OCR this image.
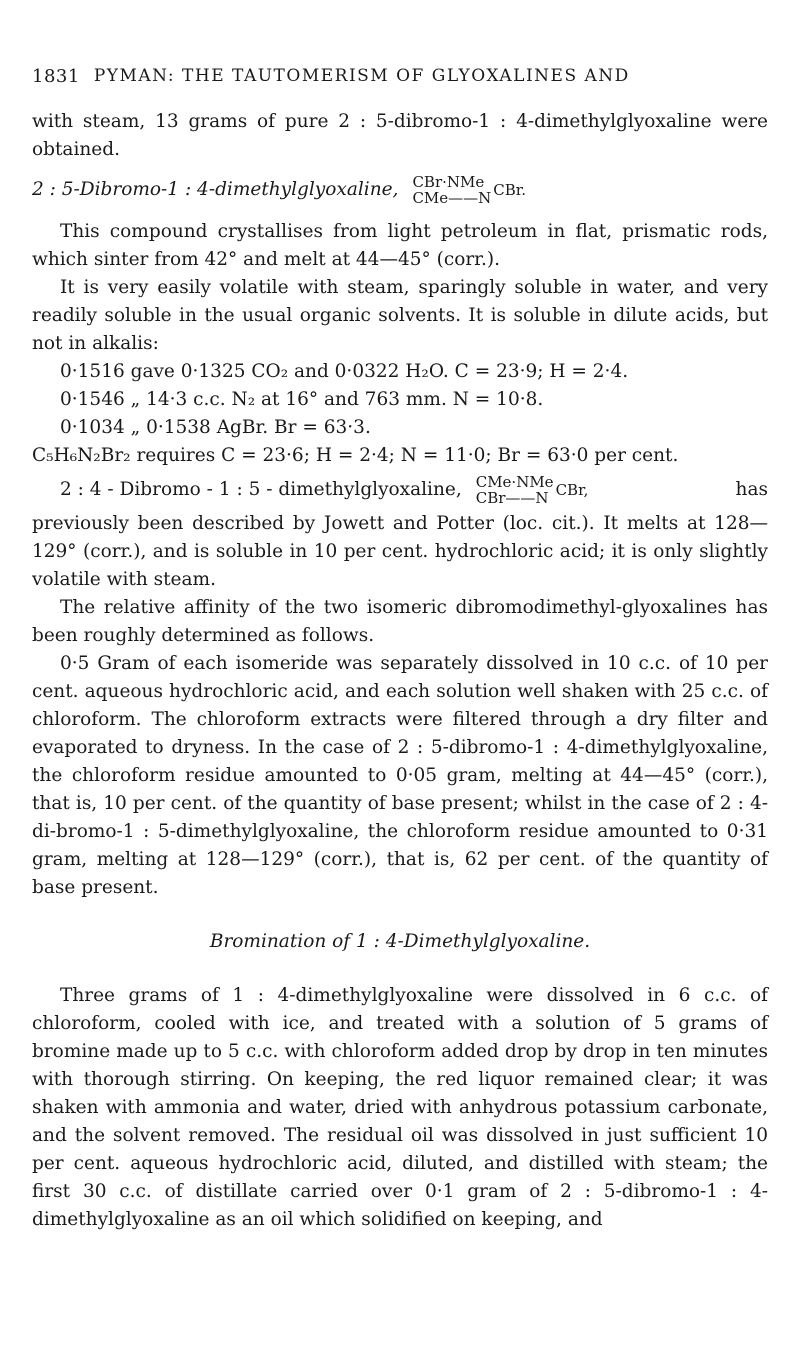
1831 PYMAN: THE TAUTOMERISM OF GLYOXALINES AND

with steam, 13 grams of pure 2 : 5-dibromo-1 : 4-dimethylglyoxaline were obtained.

2 : 5-Dibromo-1 : 4-dimethylglyoxaline, CBr·NMe
CMe——N CBr.

This compound crystallises from light petroleum in flat, prismatic rods, which sinter from 42° and melt at 44—45° (corr.).

It is very easily volatile with steam, sparingly soluble in water, and very readily soluble in the usual organic solvents. It is soluble in dilute acids, but not in alkalis:

0·1516 gave 0·1325 CO₂ and 0·0322 H₂O. C = 23·9; H = 2·4.
0·1546 „ 14·3 c.c. N₂ at 16° and 763 mm. N = 10·8.
0·1034 „ 0·1538 AgBr. Br = 63·3.
C₅H₆N₂Br₂ requires C = 23·6; H = 2·4; N = 11·0; Br = 63·0 per cent.
2 : 4 - Dibromo - 1 : 5 - dimethylglyoxaline, CMe·NMe
CBr——N CBr,	has

previously been described by Jowett and Potter (loc. cit.). It melts at 128—129° (corr.), and is soluble in 10 per cent. hydrochloric acid; it is only slightly volatile with steam.

The relative affinity of the two isomeric dibromodimethyl-glyoxalines has been roughly determined as follows.

0·5 Gram of each isomeride was separately dissolved in 10 c.c. of 10 per cent. aqueous hydrochloric acid, and each solution well shaken with 25 c.c. of chloroform. The chloroform extracts were filtered through a dry filter and evaporated to dryness. In the case of 2 : 5-dibromo-1 : 4-dimethylglyoxaline, the chloroform residue amounted to 0·05 gram, melting at 44—45° (corr.), that is, 10 per cent. of the quantity of base present; whilst in the case of 2 : 4-di-bromo-1 : 5-dimethylglyoxaline, the chloroform residue amounted to 0·31 gram, melting at 128—129° (corr.), that is, 62 per cent. of the quantity of base present.

Bromination of 1 : 4-Dimethylglyoxaline.

Three grams of 1 : 4-dimethylglyoxaline were dissolved in 6 c.c. of chloroform, cooled with ice, and treated with a solution of 5 grams of bromine made up to 5 c.c. with chloroform added drop by drop in ten minutes with thorough stirring. On keeping, the red liquor remained clear; it was shaken with ammonia and water, dried with anhydrous potassium carbonate, and the solvent removed. The residual oil was dissolved in just sufficient 10 per cent. aqueous hydrochloric acid, diluted, and distilled with steam; the first 30 c.c. of distillate carried over 0·1 gram of 2 : 5-dibromo-1 : 4-dimethylglyoxaline as an oil which solidified on keeping, and
